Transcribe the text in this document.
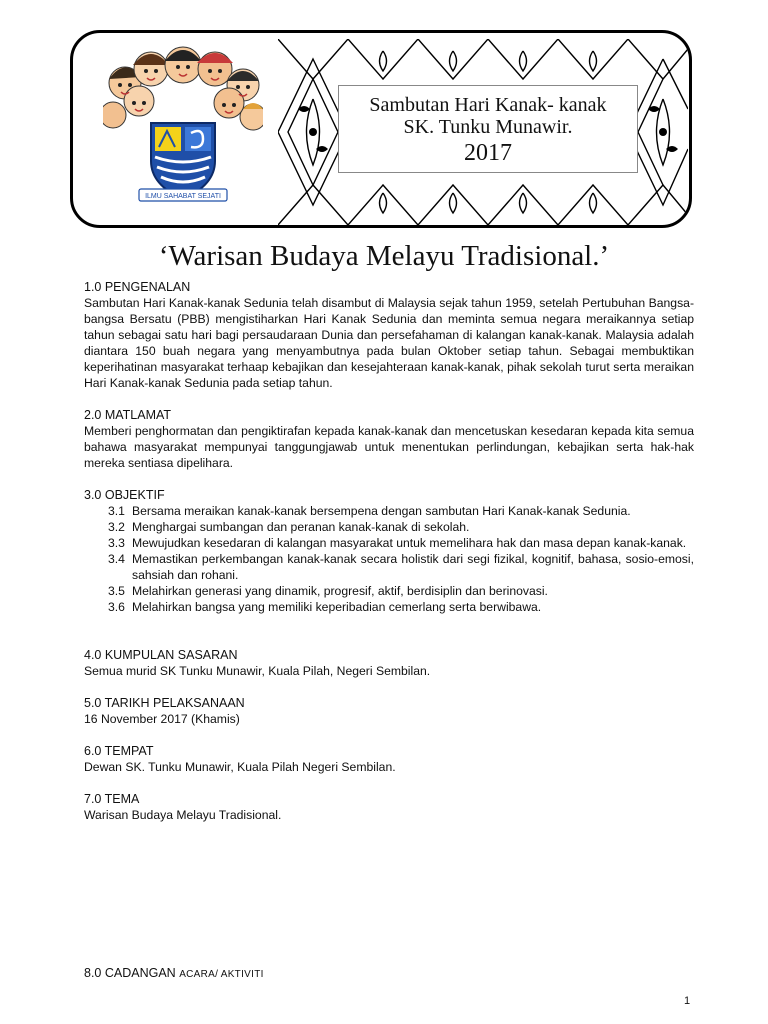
ILMU SAHABAT SEJATI
Sambutan Hari Kanak- kanak
SK. Tunku Munawir.
2017
‘Warisan Budaya Melayu Tradisional.’
1.0 PENGENALAN

Sambutan Hari Kanak-kanak Sedunia telah disambut di Malaysia sejak tahun 1959, setelah Pertubuhan Bangsa-bangsa Bersatu (PBB) mengistiharkan Hari Kanak Sedunia dan meminta semua negara meraikannya setiap tahun sebagai satu hari bagi persaudaraan Dunia dan persefahaman di kalangan kanak-kanak. Malaysia adalah diantara 150 buah negara yang menyambutnya pada bulan Oktober setiap tahun. Sebagai membuktikan keperihatinan masyarakat terhaap kebajikan dan kesejahteraan kanak-kanak, pihak sekolah turut serta meraikan Hari Kanak-kanak Sedunia pada setiap tahun.

2.0 MATLAMAT

Memberi penghormatan dan pengiktirafan kepada kanak-kanak dan mencetuskan kesedaran kepada kita semua bahawa masyarakat mempunyai tanggungjawab untuk menentukan perlindungan, kebajikan serta hak-hak mereka sentiasa dipelihara.

3.0 OBJEKTIF
3.1 Bersama meraikan kanak-kanak bersempena dengan sambutan Hari Kanak-kanak Sedunia.
3.2 Menghargai sumbangan dan peranan kanak-kanak di sekolah.
3.3 Mewujudkan kesedaran di kalangan masyarakat untuk memelihara hak dan masa depan kanak-kanak.
3.4 Memastikan perkembangan kanak-kanak secara holistik dari segi fizikal, kognitif, bahasa, sosio-emosi, sahsiah dan rohani.
3.5 Melahirkan generasi yang dinamik, progresif, aktif, berdisiplin dan berinovasi.
3.6 Melahirkan bangsa yang memiliki keperibadian cemerlang serta berwibawa.
4.0 KUMPULAN SASARAN

Semua murid SK Tunku Munawir, Kuala Pilah, Negeri Sembilan.

5.0 TARIKH PELAKSANAAN

16 November 2017 (Khamis)

6.0 TEMPAT

Dewan SK. Tunku Munawir, Kuala Pilah Negeri Sembilan.

7.0 TEMA

Warisan Budaya Melayu Tradisional.

8.0 CADANGAN ACARA/ AKTIVITI
1
